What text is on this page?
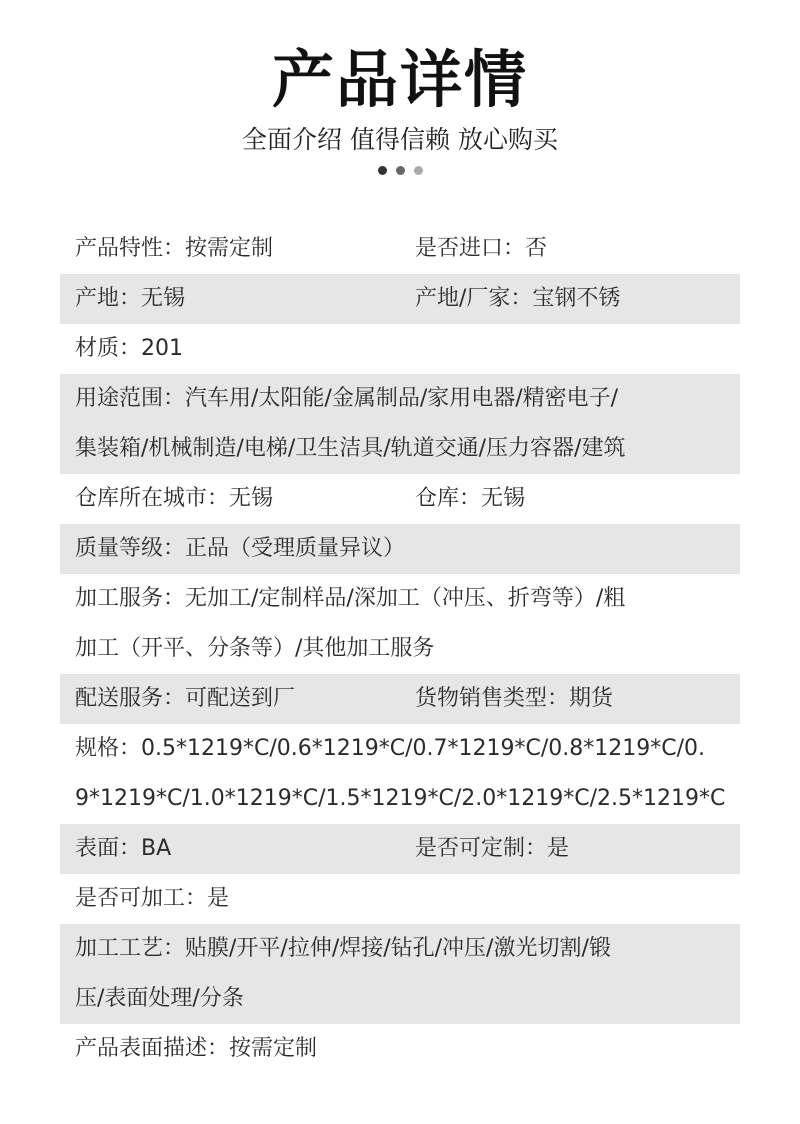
产品详情
全面介绍 值得信赖 放心购买
产品特性：按需定制	是否进口：否
产地：无锡	产地/厂家：宝钢不锈
材质：201
用途范围：汽车用/太阳能/金属制品/家用电器/精密电子/
集装箱/机械制造/电梯/卫生洁具/轨道交通/压力容器/建筑
仓库所在城市：无锡	仓库：无锡
质量等级：正品（受理质量异议）
加工服务：无加工/定制样品/深加工（冲压、折弯等）/粗
加工（开平、分条等）/其他加工服务
配送服务：可配送到厂	货物销售类型：期货
规格：0.5*1219*C/0.6*1219*C/0.7*1219*C/0.8*1219*C/0.
9*1219*C/1.0*1219*C/1.5*1219*C/2.0*1219*C/2.5*1219*C
表面：BA	是否可定制：是
是否可加工：是
加工工艺：贴膜/开平/拉伸/焊接/钻孔/冲压/激光切割/锻
压/表面处理/分条
产品表面描述：按需定制
